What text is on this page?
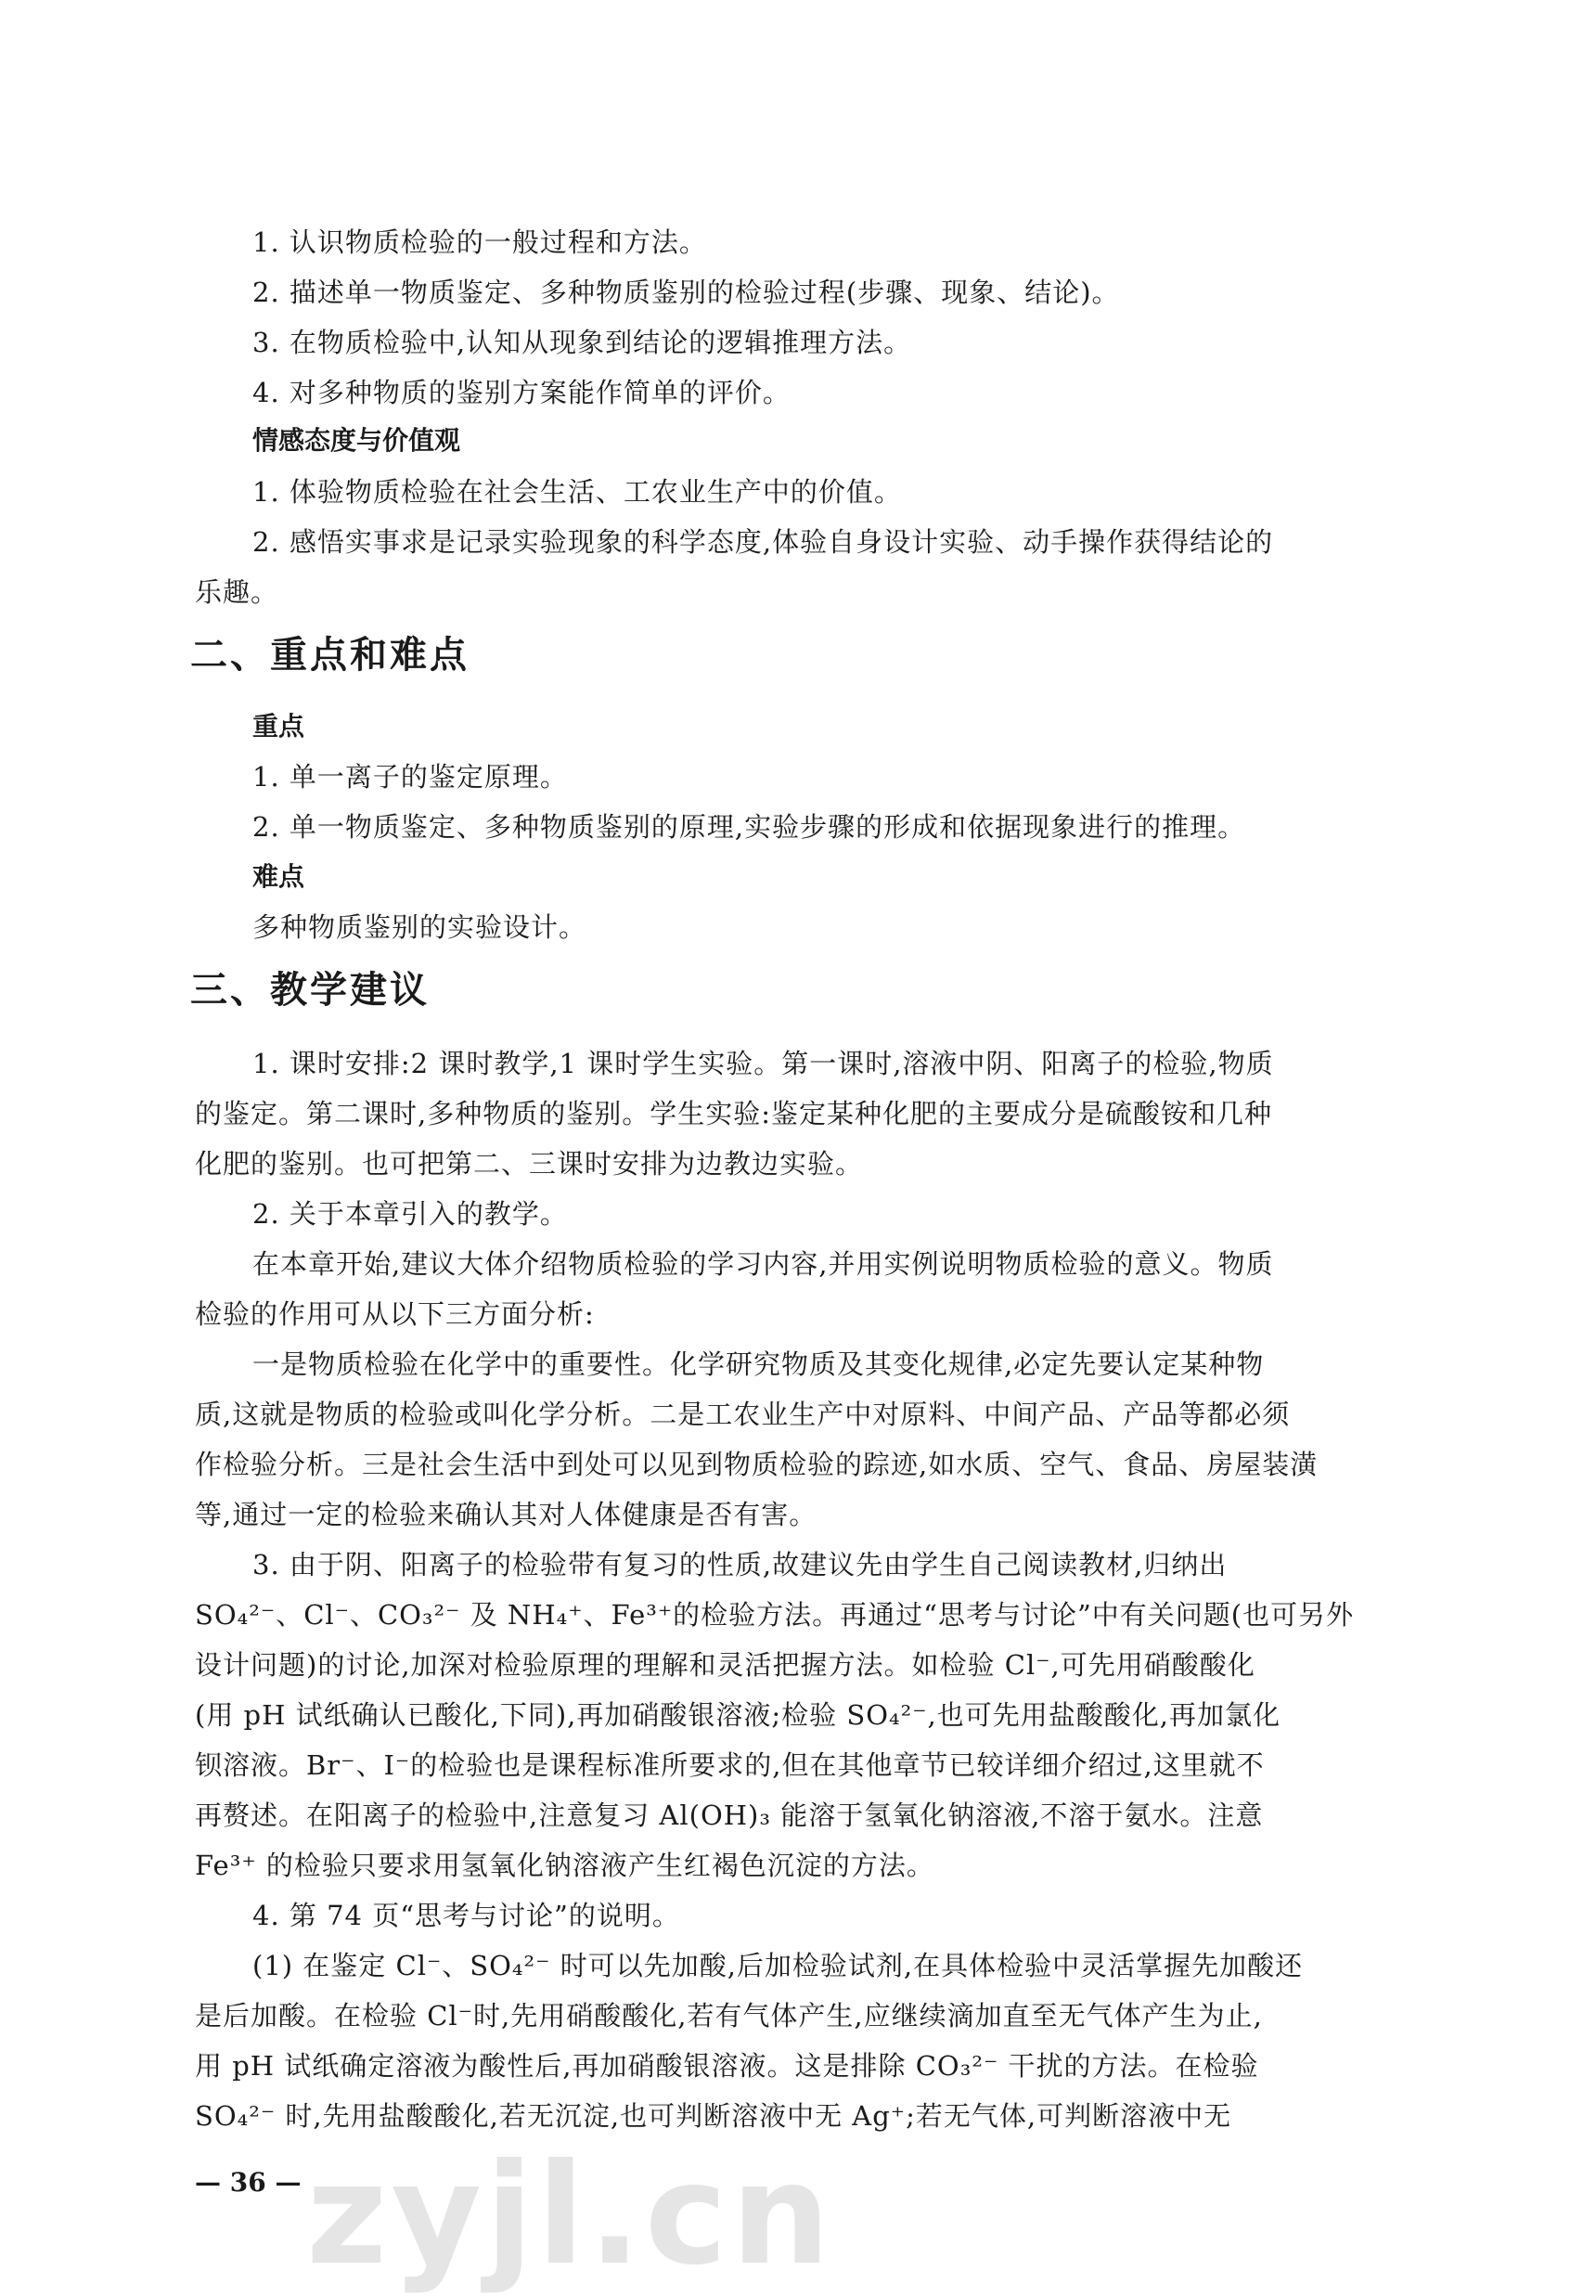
1. 认识物质检验的一般过程和方法。
2. 描述单一物质鉴定、多种物质鉴别的检验过程(步骤、现象、结论)。
3. 在物质检验中,认知从现象到结论的逻辑推理方法。
4. 对多种物质的鉴别方案能作简单的评价。
情感态度与价值观
1. 体验物质检验在社会生活、工农业生产中的价值。
2. 感悟实事求是记录实验现象的科学态度,体验自身设计实验、动手操作获得结论的
乐趣。
二、重点和难点
重点
1. 单一离子的鉴定原理。
2. 单一物质鉴定、多种物质鉴别的原理,实验步骤的形成和依据现象进行的推理。
难点
多种物质鉴别的实验设计。
三、教学建议
1. 课时安排:2 课时教学,1 课时学生实验。第一课时,溶液中阴、阳离子的检验,物质
的鉴定。第二课时,多种物质的鉴别。学生实验:鉴定某种化肥的主要成分是硫酸铵和几种
化肥的鉴别。也可把第二、三课时安排为边教边实验。
2. 关于本章引入的教学。
在本章开始,建议大体介绍物质检验的学习内容,并用实例说明物质检验的意义。物质
检验的作用可从以下三方面分析:
一是物质检验在化学中的重要性。化学研究物质及其变化规律,必定先要认定某种物
质,这就是物质的检验或叫化学分析。二是工农业生产中对原料、中间产品、产品等都必须
作检验分析。三是社会生活中到处可以见到物质检验的踪迹,如水质、空气、食品、房屋装潢
等,通过一定的检验来确认其对人体健康是否有害。
3. 由于阴、阳离子的检验带有复习的性质,故建议先由学生自己阅读教材,归纳出
SO₄²⁻、Cl⁻、CO₃²⁻ 及 NH₄⁺、Fe³⁺的检验方法。再通过“思考与讨论”中有关问题(也可另外
设计问题)的讨论,加深对检验原理的理解和灵活把握方法。如检验 Cl⁻,可先用硝酸酸化
(用 pH 试纸确认已酸化,下同),再加硝酸银溶液;检验 SO₄²⁻,也可先用盐酸酸化,再加氯化
钡溶液。Br⁻、I⁻的检验也是课程标准所要求的,但在其他章节已较详细介绍过,这里就不
再赘述。在阳离子的检验中,注意复习 Al(OH)₃ 能溶于氢氧化钠溶液,不溶于氨水。注意
Fe³⁺ 的检验只要求用氢氧化钠溶液产生红褐色沉淀的方法。
4. 第 74 页“思考与讨论”的说明。
(1) 在鉴定 Cl⁻、SO₄²⁻ 时可以先加酸,后加检验试剂,在具体检验中灵活掌握先加酸还
是后加酸。在检验 Cl⁻时,先用硝酸酸化,若有气体产生,应继续滴加直至无气体产生为止,
用 pH 试纸确定溶液为酸性后,再加硝酸银溶液。这是排除 CO₃²⁻ 干扰的方法。在检验
SO₄²⁻ 时,先用盐酸酸化,若无沉淀,也可判断溶液中无 Ag⁺;若无气体,可判断溶液中无
— 36 — zyjl.cn
